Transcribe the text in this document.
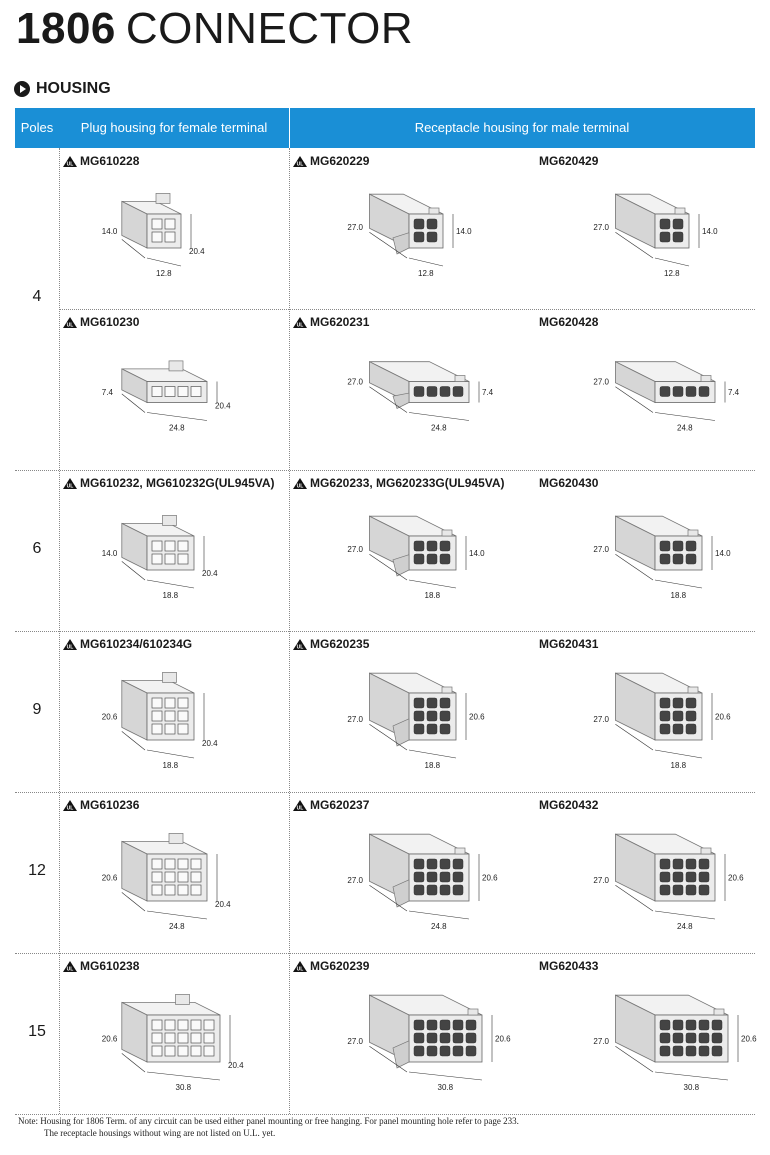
1806 CONNECTOR
HOUSING
Poles	Plug housing for female terminal	Receptacle housing for male terminal
4
UL MG610228
14.0
12.8
20.4
UL MG620229
14.0
12.8
27.0
MG620429
14.0
12.8
27.0
UL MG610230
7.4
24.8
20.4
UL MG620231
7.4
24.8
27.0
MG620428
7.4
24.8
27.0
6
UL MG610232, MG610232G(UL945VA)
14.0
18.8
20.4
UL MG620233, MG620233G(UL945VA)
14.0
18.8
27.0
MG620430
14.0
18.8
27.0
9
UL MG610234/610234G
20.6
18.8
20.4
UL MG620235
20.6
18.8
27.0
MG620431
20.6
18.8
27.0
12
UL MG610236
20.6
24.8
20.4
UL MG620237
20.6
24.8
27.0
MG620432
20.6
24.8
27.0
15
UL MG610238
20.6
30.8
20.4
UL MG620239
20.6
30.8
27.0
MG620433
20.6
30.8
27.0
Note: Housing for 1806 Term. of any circuit can be used either panel mounting or free hanging. For panel mounting hole refer to page 233.
The receptacle housings without wing are not listed on U.L. yet.
